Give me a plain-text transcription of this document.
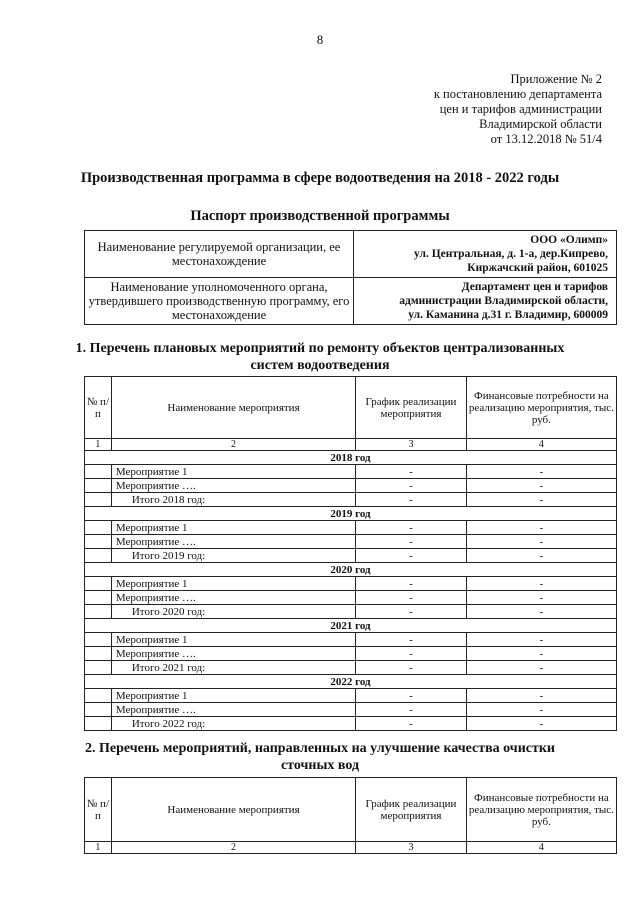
8
Приложение № 2
к постановлению департамента
цен и тарифов администрации
Владимирской области
от 13.12.2018 № 51/4
Производственная программа в сфере водоотведения на 2018 - 2022 годы
Паспорт производственной программы
Наименование регулируемой организации, ее местонахождение	ООО «Олимп»
ул. Центральная, д. 1-а, дер.Кипрево,
Киржачский район, 601025

Наименование уполномоченного органа, утвердившего производственную программу, его местонахождение	Департамент цен и тарифов
администрации Владимирской области,
ул. Каманина д.31 г. Владимир, 600009
1. Перечень плановых мероприятий по ремонту объектов централизованных
систем водоотведения
№ п/п	Наименование мероприятия	График реализации мероприятия	Финансовые потребности на реализацию мероприятия, тыс. руб.
1	2	3	4
2018 год			
	Мероприятие 1	-	-
	Мероприятие ….	-	-
	Итого 2018 год:	-	-
2019 год			
	Мероприятие 1	-	-
	Мероприятие ….	-	-
	Итого 2019 год:	-	-
2020 год			
	Мероприятие 1	-	-
	Мероприятие ….	-	-
	Итого 2020 год:	-	-
2021 год			
	Мероприятие 1	-	-
	Мероприятие ….	-	-
	Итого 2021 год:	-	-
2022 год			
	Мероприятие 1	-	-
	Мероприятие ….	-	-
	Итого 2022 год:	-	-
2. Перечень мероприятий, направленных на улучшение качества очистки
сточных вод
№ п/п	Наименование мероприятия	График реализации мероприятия	Финансовые потребности на реализацию мероприятия, тыс. руб.
1	2	3	4
